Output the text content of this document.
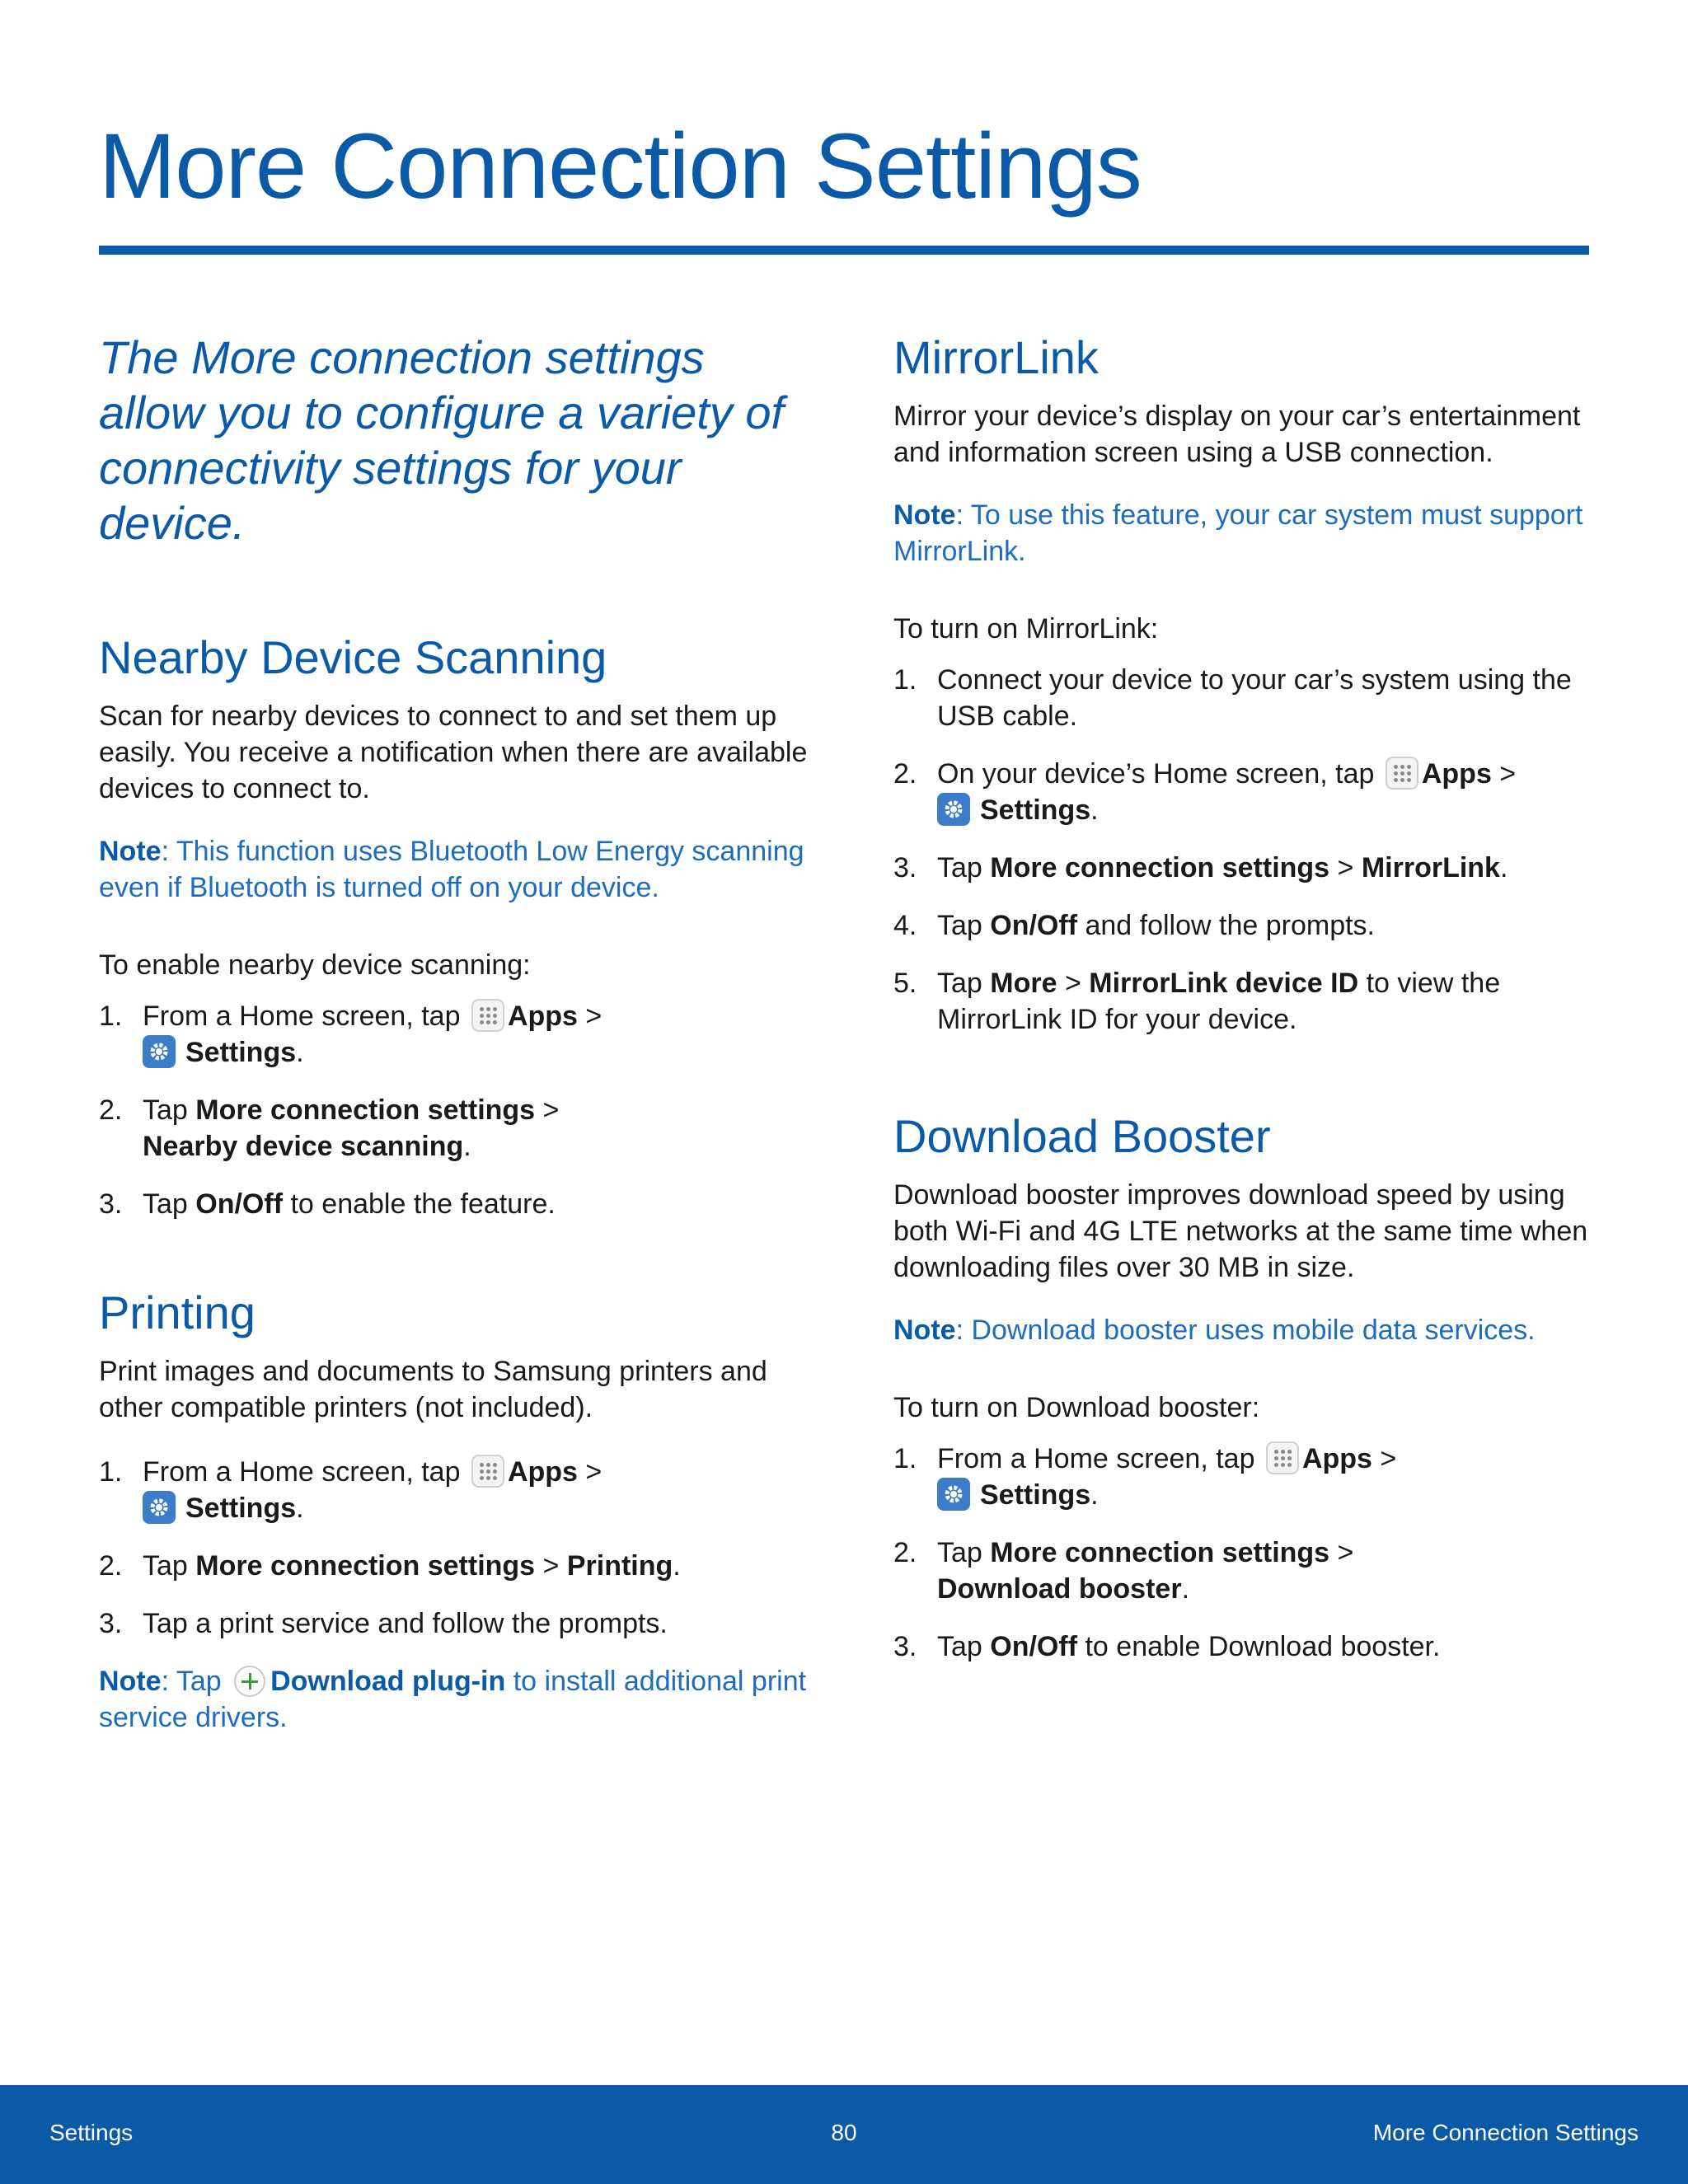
More Connection Settings

The More connection settings allow you to configure a variety of connectivity settings for your device.

Nearby Device Scanning

Scan for nearby devices to connect to and set them up easily. You receive a notification when there are available devices to connect to.

Note: This function uses Bluetooth Low Energy scanning even if Bluetooth is turned off on your device.

To enable nearby device scanning:

1. From a Home screen, tap Apps >

Settings.
2. Tap More connection settings >
Nearby device scanning.
3. Tap On/Off to enable the feature.
Printing

Print images and documents to Samsung printers and other compatible printers (not included).

1. From a Home screen, tap Apps >

Settings.
2. Tap More connection settings > Printing.
3. Tap a print service and follow the prompts.

Note: Tap Download plug-in to install additional print service drivers.

MirrorLink

Mirror your device’s display on your car’s entertainment and information screen using a USB connection.

Note: To use this feature, your car system must support MirrorLink.

To turn on MirrorLink:

1. Connect your device to your car’s system using the USB cable.
2. On your device’s Home screen, tap Apps >

Settings.
3. Tap More connection settings > MirrorLink.
4. Tap On/Off and follow the prompts.
5. Tap More > MirrorLink device ID to view the MirrorLink ID for your device.
Download Booster

Download booster improves download speed by using both Wi-Fi and 4G LTE networks at the same time when downloading files over 30 MB in size.

Note: Download booster uses mobile data services.

To turn on Download booster:

1. From a Home screen, tap Apps >

Settings.
2. Tap More connection settings >
Download booster.
3. Tap On/Off to enable Download booster.
Settings	80	More Connection Settings
